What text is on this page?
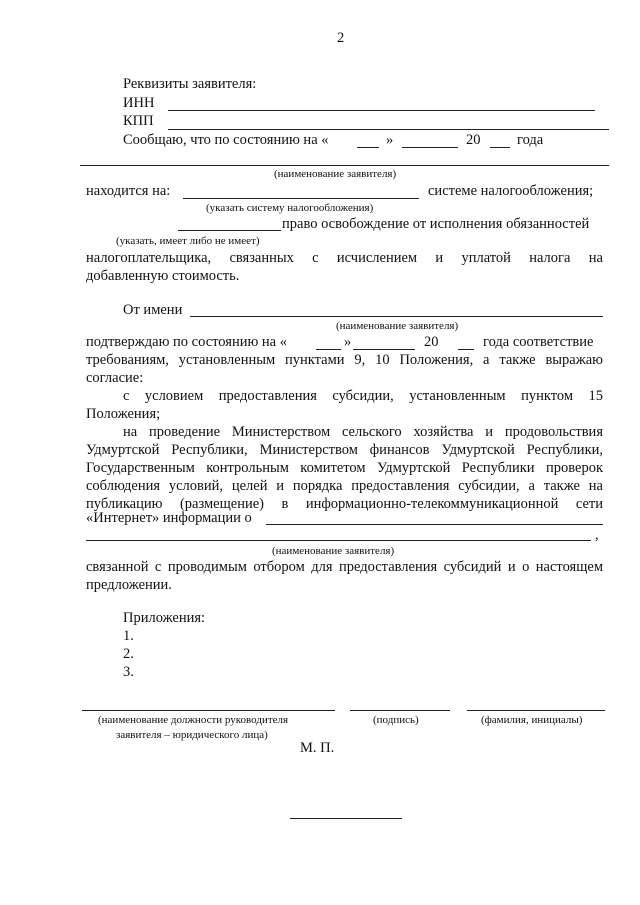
2
Реквизиты заявителя:
ИНН
КПП
Сообщаю, что по состоянию на «	»	20	года
(наименование заявителя)
находится на:	системе налогообложения;
(указать систему налогообложения)
право освобождение от исполнения обязанностей
(указать, имеет либо не имеет)
налогоплательщика, связанных с исчислением и уплатой налога на
добавленную стоимость.
От имени
(наименование заявителя)
подтверждаю по состоянию на «	»	20	года соответствие
требованиям, установленным пунктами 9, 10 Положения, а также выражаю
согласие:
с условием предоставления субсидии, установленным пунктом 15
Положения;
на проведение Министерством сельского хозяйства и продовольствия
Удмуртской Республики, Министерством финансов Удмуртской Республики,
Государственным контрольным комитетом Удмуртской Республики проверок
соблюдения условий, целей и порядка предоставления субсидии, а также на
публикацию (размещение) в информационно-телекоммуникационной сети
«Интернет» информации о
,
(наименование заявителя)
связанной с проводимым отбором для предоставления субсидий и о настоящем
предложении.
Приложения:
1.
2.
3.
(наименование должности руководителя
заявителя – юридического лица)
(подпись)	(фамилия, инициалы)
М. П.
